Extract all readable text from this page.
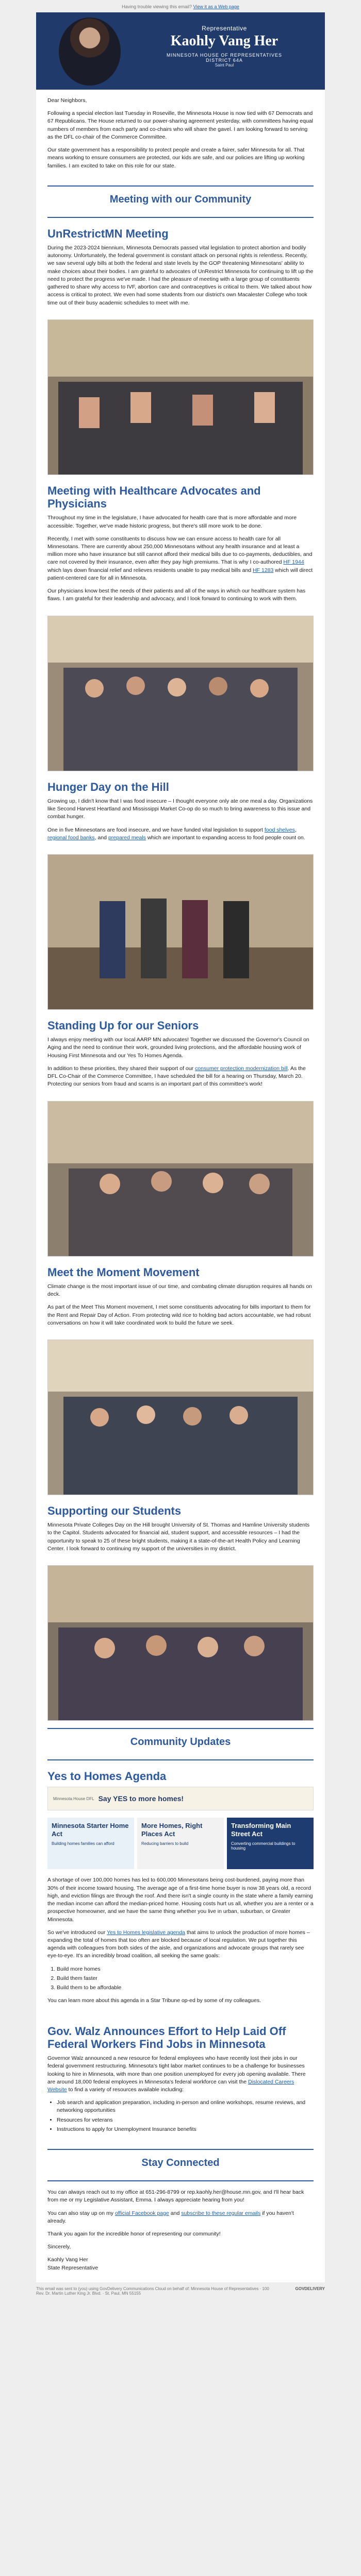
Having trouble viewing this email? View it as a Web page
Representative
Kaohly Vang Her
MINNESOTA HOUSE OF REPRESENTATIVES
DISTRICT 64A
Saint Paul

Dear Neighbors,

Following a special election last Tuesday in Roseville, the Minnesota House is now tied with 67 Democrats and 67 Republicans. The House returned to our power-sharing agreement yesterday, with committees having equal numbers of members from each party and co-chairs who will share the gavel. I am looking forward to serving as the DFL co-chair of the Commerce Committee.

Our state government has a responsibility to protect people and create a fairer, safer Minnesota for all. That means working to ensure consumers are protected, our kids are safe, and our policies are lifting up working families. I am excited to take on this role for our state.

Meeting with our Community
UnRestrictMN Meeting

During the 2023-2024 biennium, Minnesota Democrats passed vital legislation to protect abortion and bodily autonomy. Unfortunately, the federal government is constant attack on personal rights is relentless. Recently, we saw several ugly bills at both the federal and state levels by the GOP threatening Minnesotans' ability to make choices about their bodies. I am grateful to advocates of UnRestrict Minnesota for continuing to lift up the need to protect the progress we've made. I had the pleasure of meeting with a large group of constituents gathered to share why access to IVF, abortion care and contraceptives is critical to them. We talked about how access is critical to protect. We even had some students from our district's own Macalester College who took time out of their busy academic schedules to meet with me.

Meeting with Healthcare Advocates and Physicians

Throughout my time in the legislature, I have advocated for health care that is more affordable and more accessible. Together, we've made historic progress, but there's still more work to be done.

Recently, I met with some constituents to discuss how we can ensure access to health care for all Minnesotans. There are currently about 250,000 Minnesotans without any health insurance and at least a million more who have insurance but still cannot afford their medical bills due to co-payments, deductibles, and care not covered by their insurance, even after they pay high premiums. That is why I co-authored HF 1944 which lays down financial relief and relieves residents unable to pay medical bills and HF 1283 which will direct patient-centered care for all in Minnesota.

Our physicians know best the needs of their patients and all of the ways in which our healthcare system has flaws. I am grateful for their leadership and advocacy, and I look forward to continuing to work with them.

Hunger Day on the Hill

Growing up, I didn't know that I was food insecure – I thought everyone only ate one meal a day. Organizations like Second Harvest Heartland and Mississippi Market Co-op do so much to bring awareness to this issue and combat hunger.

One in five Minnesotans are food insecure, and we have funded vital legislation to support food shelves, regional food banks, and prepared meals which are important to expanding access to food people count on.

Standing Up for our Seniors

I always enjoy meeting with our local AARP MN advocates! Together we discussed the Governor's Council on Aging and the need to continue their work, grounded living protections, and the affordable housing work of Housing First Minnesota and our Yes To Homes Agenda.

In addition to these priorities, they shared their support of our consumer protection modernization bill. As the DFL Co-Chair of the Commerce Committee, I have scheduled the bill for a hearing on Thursday, March 20. Protecting our seniors from fraud and scams is an important part of this committee's work!

Meet the Moment Movement

Climate change is the most important issue of our time, and combating climate disruption requires all hands on deck.

As part of the Meet This Moment movement, I met some constituents advocating for bills important to them for the Rent and Repair Day of Action. From protecting wild rice to holding bad actors accountable, we had robust conversations on how it will take coordinated work to build the future we seek.

Supporting our Students

Minnesota Private Colleges Day on the Hill brought University of St. Thomas and Hamline University students to the Capitol. Students advocated for financial aid, student support, and accessible resources – I had the opportunity to speak to 25 of these bright students, making it a state-of-the-art Health Policy and Learning Center. I look forward to continuing my support of the universities in my district.

Community Updates
Yes to Homes Agenda
Minnesota House DFL Say YES to more homes!
Minnesota Starter Home Act
Building homes families can afford
More Homes, Right Places Act
Reducing barriers to build
Transforming Main Street Act
Converting commercial buildings to housing

A shortage of over 100,000 homes has led to 600,000 Minnesotans being cost-burdened, paying more than 30% of their income toward housing. The average age of a first-time home buyer is now 38 years old, a record high, and eviction filings are through the roof. And there isn't a single county in the state where a family earning the median income can afford the median-priced home. Housing costs hurt us all, whether you are a renter or a prospective homeowner, and we have the same thing whether you live in urban, suburban, or Greater Minnesota.

So we've introduced our Yes to Homes legislative agenda that aims to unlock the production of more homes – expanding the total of homes that too often are blocked because of local regulation. We put together this agenda with colleagues from both sides of the aisle, and organizations and advocate groups that rarely see eye-to-eye. It's an incredibly broad coalition, all seeking the same goals:

1. Build more homes
2. Build them faster
3. Build them to be affordable

You can learn more about this agenda in a Star Tribune op-ed by some of my colleagues.

Gov. Walz Announces Effort to Help Laid Off Federal Workers Find Jobs in Minnesota

Governor Walz announced a new resource for federal employees who have recently lost their jobs in our federal government restructuring. Minnesota's tight labor market continues to be a challenge for businesses looking to hire in Minnesota, with more than one position unemployed for every job opening available. There are around 18,000 federal employees in Minnesota's federal workforce can visit the Dislocated Careers Website to find a variety of resources available including:

• Job search and application preparation, including in-person and online workshops, resume reviews, and networking opportunities
• Resources for veterans
• Instructions to apply for Unemployment Insurance benefits
Stay Connected

You can always reach out to my office at 651-296-8799 or rep.kaohly.her@house.mn.gov, and I'll hear back from me or my Legislative Assistant, Emma. I always appreciate hearing from you!

You can also stay up on my official Facebook page and subscribe to these regular emails if you haven't already.

Thank you again for the incredible honor of representing our community!

Sincerely,

Kaohly Vang Her

State Representative

This email was sent to (you) using GovDelivery Communications Cloud on behalf of: Minnesota House of Representatives · 100 Rev. Dr. Martin Luther King Jr. Blvd. · St. Paul, MN 55155
GOVDELIVERY
